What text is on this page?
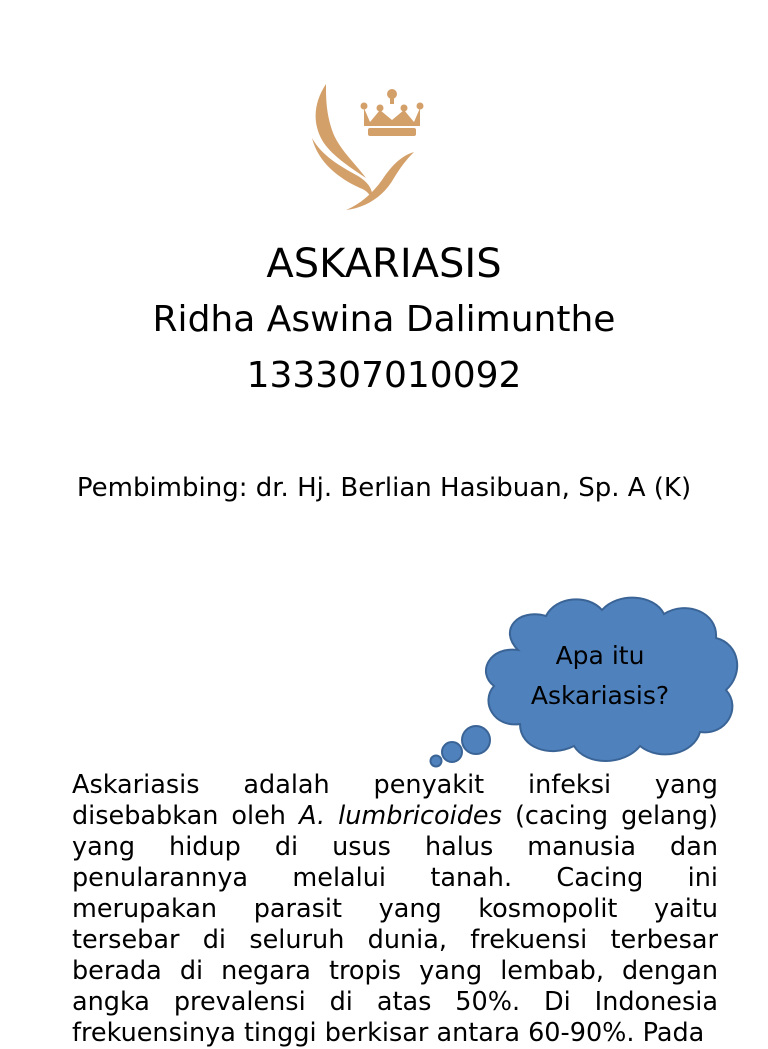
ASKARIASIS
Ridha Aswina Dalimunthe
133307010092
Pembimbing: dr. Hj. Berlian Hasibuan, Sp. A (K)
Apa itu
Askariasis?

Askariasis adalah penyakit infeksi yang disebabkan oleh A. lumbricoides (cacing gelang) yang hidup di usus halus manusia dan penularannya melalui tanah. Cacing ini merupakan parasit yang kosmopolit yaitu tersebar di seluruh dunia, frekuensi terbesar berada di negara tropis yang lembab, dengan angka prevalensi di atas 50%. Di Indonesia frekuensinya tinggi berkisar antara 60-90%. Pada
